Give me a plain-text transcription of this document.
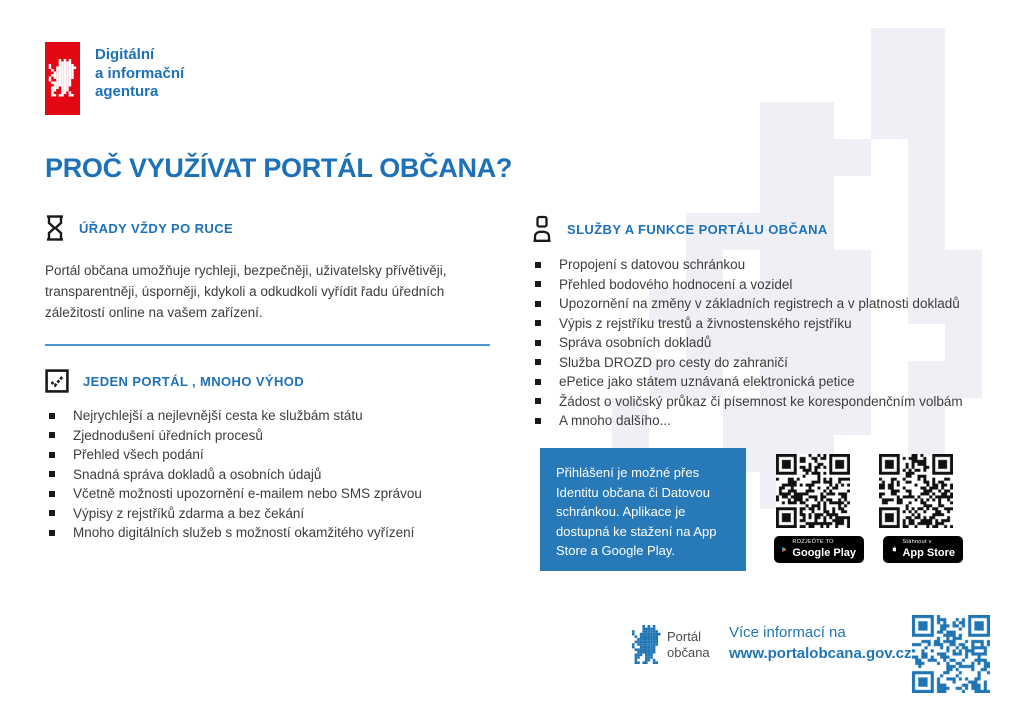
Digitální
a informační
agentura
PROČ VYUŽÍVAT PORTÁL OBČANA?
ÚŘADY VŽDY PO RUCE

Portál občana umožňuje rychleji, bezpečněji, uživatelsky přívětivěji, transparentněji, úsporněji, kdykoli a odkudkoli vyřídit řadu úředních záležitostí online na vašem zařízení.

JEDEN PORTÁL , MNOHO VÝHOD
Nejrychlejší a nejlevnější cesta ke službám státu
Zjednodušení úředních procesů
Přehled všech podání
Snadná správa dokladů a osobních údajů
Včetně možnosti upozornění e-mailem nebo SMS zprávou
Výpisy z rejstříků zdarma a bez čekání
Mnoho digitálních služeb s možností okamžitého vyřízení
SLUŽBY A FUNKCE PORTÁLU OBČANA
Propojení s datovou schránkou
Přehled bodového hodnocení a vozidel
Upozornění na změny v základních registrech a v platnosti dokladů
Výpis z rejstříku trestů a živnostenského rejstříku
Správa osobních dokladů
Služba DROZD pro cesty do zahraničí
ePetice jako státem uznávaná elektronická petice
Žádost o voličský průkaz či písemnost ke korespondenčním volbám
A mnoho dalšího...
Přihlášení je možné přes Identitu občana či Datovou schránkou. Aplikace je dostupná ke stažení na App Store a Google Play.
ROZJEĎTE TO
Google Play
Stáhnout v
App Store
Portál
občana
Více informací na
www.portalobcana.gov.cz
